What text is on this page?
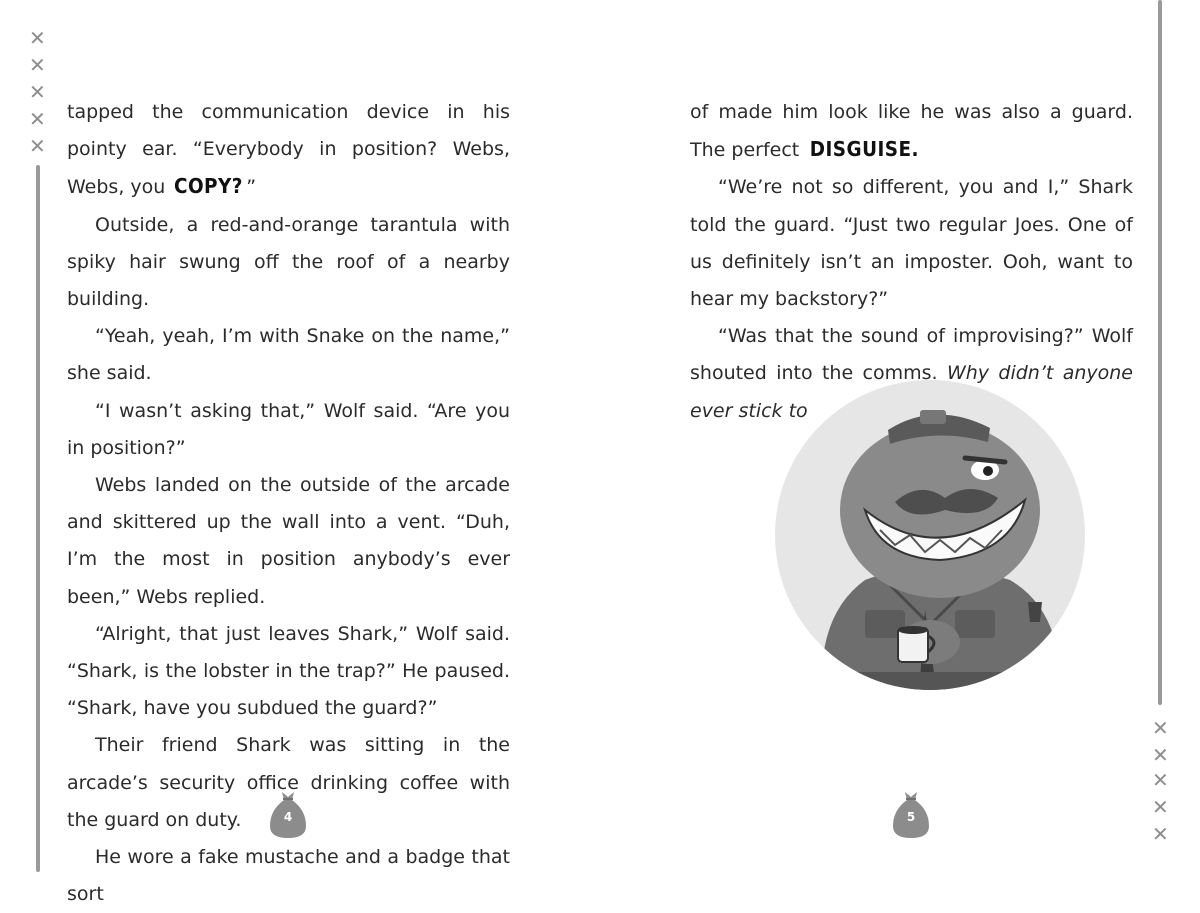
✕
✕
✕
✕
✕

tapped the communication device in his pointy ear. “Everybody in position? Webs, Webs, you COPY? ”

Outside, a red-and-orange tarantula with spiky hair swung off the roof of a nearby building.

“Yeah, yeah, I’m with Snake on the name,” she said.

“I wasn’t asking that,” Wolf said. “Are you in position?”

Webs landed on the outside of the arcade and skittered up the wall into a vent. “Duh, I’m the most in position anybody’s ever been,” Webs replied.

“Alright, that just leaves Shark,” Wolf said. “Shark, is the lobster in the trap?” He paused. “Shark, have you subdued the guard?”

Their friend Shark was sitting in the arcade’s security office drinking coffee with the guard on duty.

He wore a fake mustache and a badge that sort

4

of made him look like he was also a guard. The perfect DISGUISE.

“We’re not so different, you and I,” Shark told the guard. “Just two regular Joes. One of us definitely isn’t an imposter. Ooh, want to hear my backstory?”

“Was that the sound of improvising?” Wolf shouted into the comms. Why didn’t anyone ever stick to

5
✕
✕
✕
✕
✕
